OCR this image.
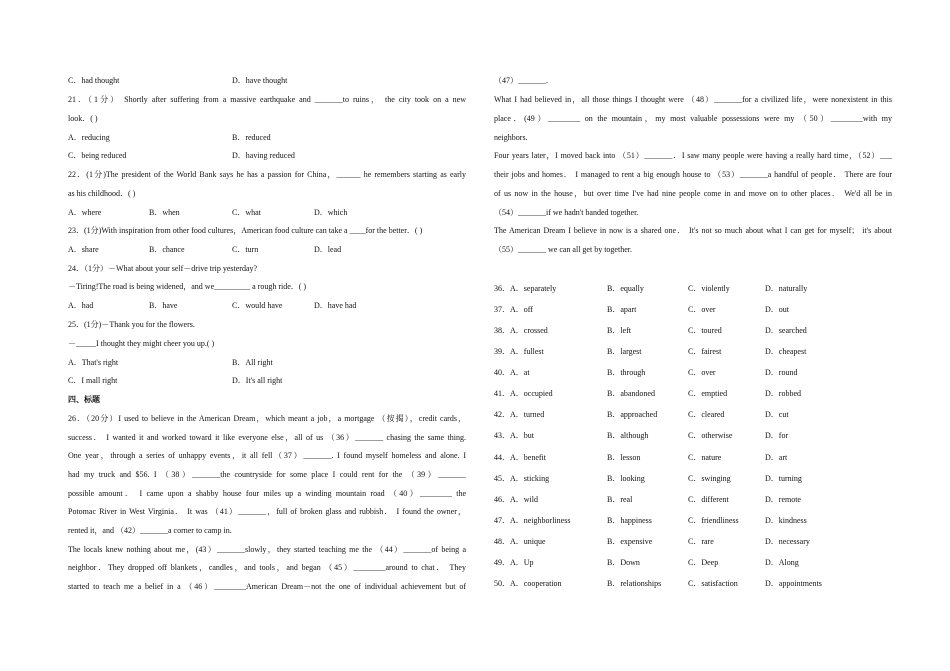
C．had thought	D．have thought
21．（1分） Shortly after suffering from a massive earthquake and _______to ruins， the city took on a new
look．( )
A．reducing	B．reduced
C．being reduced	D．having reduced
22．(1分)The president of the World Bank says he has a passion for China，______ he remembers starting as early
as his childhood．( )
A．where	B．when	C．what	D．which
23．(1分)With inspiration from other food cultures，American food culture can take a ____for the better．( )
A．share	B．chance	C．turn	D．lead
24．（1分）－What about your self－drive trip yesterday?
－Tiring!The road is being widened，and we_________ a rough ride．( )
A．had	B．have	C．would have	D．have had
25．(1分)－Thank you for the flowers.
－_____I thought they might cheer you up.( )
A．That's right	B．All right
C．I mall right	D．It's all right
四、标题
26．（20分）I used to believe in the American Dream，which meant a job，a mortgage （按揭），credit cards，
success． I wanted it and worked toward it like everyone else，all of us （36）_______ chasing the same thing.
One year，through a series of unhappy events，it all fell（37）_______. I found myself homeless and alone. I
had my truck and $56. I （38）_______the countryside for some place I could rent for the （39）_______
possible amount． I came upon a shabby house four miles up a winding mountain road （40）________ the
Potomac River in West Virginia． It was （41）_______，full of broken glass and rubbish． I found the owner，
rented it，and （42）_______a corner to camp in.
The locals knew nothing about me，(43）_______slowly，they started teaching me the （44）_______of being a
neighbor．They dropped off blankets，candles，and tools，and began （45）________around to chat． They
started to teach me a belief in a （46）________American Dream－not the one of individual achievement but of
（47）_______.
What I had believed in，all those things I thought were （48）_______for a civilized life，were nonexistent in this
place．(49）________ on the mountain，my most valuable possessions were my （50）________with my
neighbors.
Four years later，I moved back into （51）_______．I saw many people were having a really hard time，（52）___
their jobs and homes． I managed to rent a big enough house to （53）_______a handful of people． There are four
of us now in the house，but over time I've had nine people come in and move on to other places． We'd all be in
（54）_______if we hadn't banded together.
The American Dream I believe in now is a shared one． It's not so much about what I can get for myself； it's about
（55）_______ we can all get by together.
36． A．separately	B．equally	C．violently	D．naturally
37． A．off	B．apart	C．over	D．out
38． A．crossed	B．left	C．toured	D．searched
39． A．fullest	B．largest	C．fairest	D．cheapest
40． A．at	B．through	C．over	D．round
41． A．occupied	B．abandoned	C．emptied	D．robbed
42． A．turned	B．approached	C．cleared	D．cut
43． A．but	B．although	C．otherwise	D．for
44． A．benefit	B．lesson	C．nature	D．art
45． A．sticking	B．looking	C．swinging	D．turning
46． A．wild	B．real	C．different	D．remote
47． A．neighborliness	B．happiness	C．friendliness	D．kindness
48． A．unique	B．expensive	C．rare	D．necessary
49． A．Up	B．Down	C．Deep	D．Along
50． A．cooperation	B．relationships	C．satisfaction	D．appointments
